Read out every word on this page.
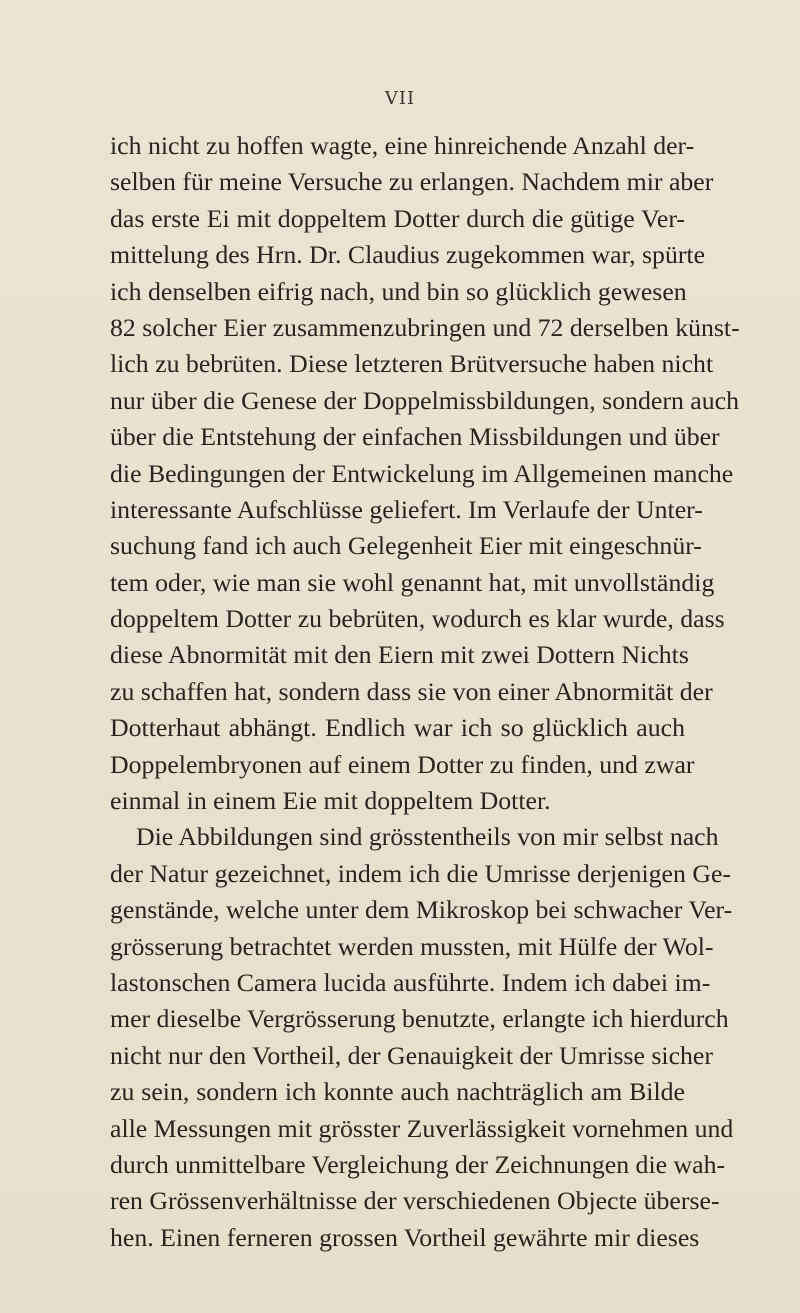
VII
ich nicht zu hoffen wagte, eine hinreichende Anzahl der-
selben für meine Versuche zu erlangen. Nachdem mir aber
das erste Ei mit doppeltem Dotter durch die gütige Ver-
mittelung des Hrn. Dr. Claudius zugekommen war, spürte
ich denselben eifrig nach, und bin so glücklich gewesen
82 solcher Eier zusammenzubringen und 72 derselben künst-
lich zu bebrüten. Diese letzteren Brütversuche haben nicht
nur über die Genese der Doppelmissbildungen, sondern auch
über die Entstehung der einfachen Missbildungen und über
die Bedingungen der Entwickelung im Allgemeinen manche
interessante Aufschlüsse geliefert. Im Verlaufe der Unter-
suchung fand ich auch Gelegenheit Eier mit eingeschnür-
tem oder, wie man sie wohl genannt hat, mit unvollständig
doppeltem Dotter zu bebrüten, wodurch es klar wurde, dass
diese Abnormität mit den Eiern mit zwei Dottern Nichts
zu schaffen hat, sondern dass sie von einer Abnormität der
Dotterhaut abhängt. Endlich war ich so glücklich auch
Doppelembryonen auf einem Dotter zu finden, und zwar
einmal in einem Eie mit doppeltem Dotter.
Die Abbildungen sind grösstentheils von mir selbst nach
der Natur gezeichnet, indem ich die Umrisse derjenigen Ge-
genstände, welche unter dem Mikroskop bei schwacher Ver-
grösserung betrachtet werden mussten, mit Hülfe der Wol-
lastonschen Camera lucida ausführte. Indem ich dabei im-
mer dieselbe Vergrösserung benutzte, erlangte ich hierdurch
nicht nur den Vortheil, der Genauigkeit der Umrisse sicher
zu sein, sondern ich konnte auch nachträglich am Bilde
alle Messungen mit grösster Zuverlässigkeit vornehmen und
durch unmittelbare Vergleichung der Zeichnungen die wah-
ren Grössenverhältnisse der verschiedenen Objecte überse-
hen. Einen ferneren grossen Vortheil gewährte mir dieses
